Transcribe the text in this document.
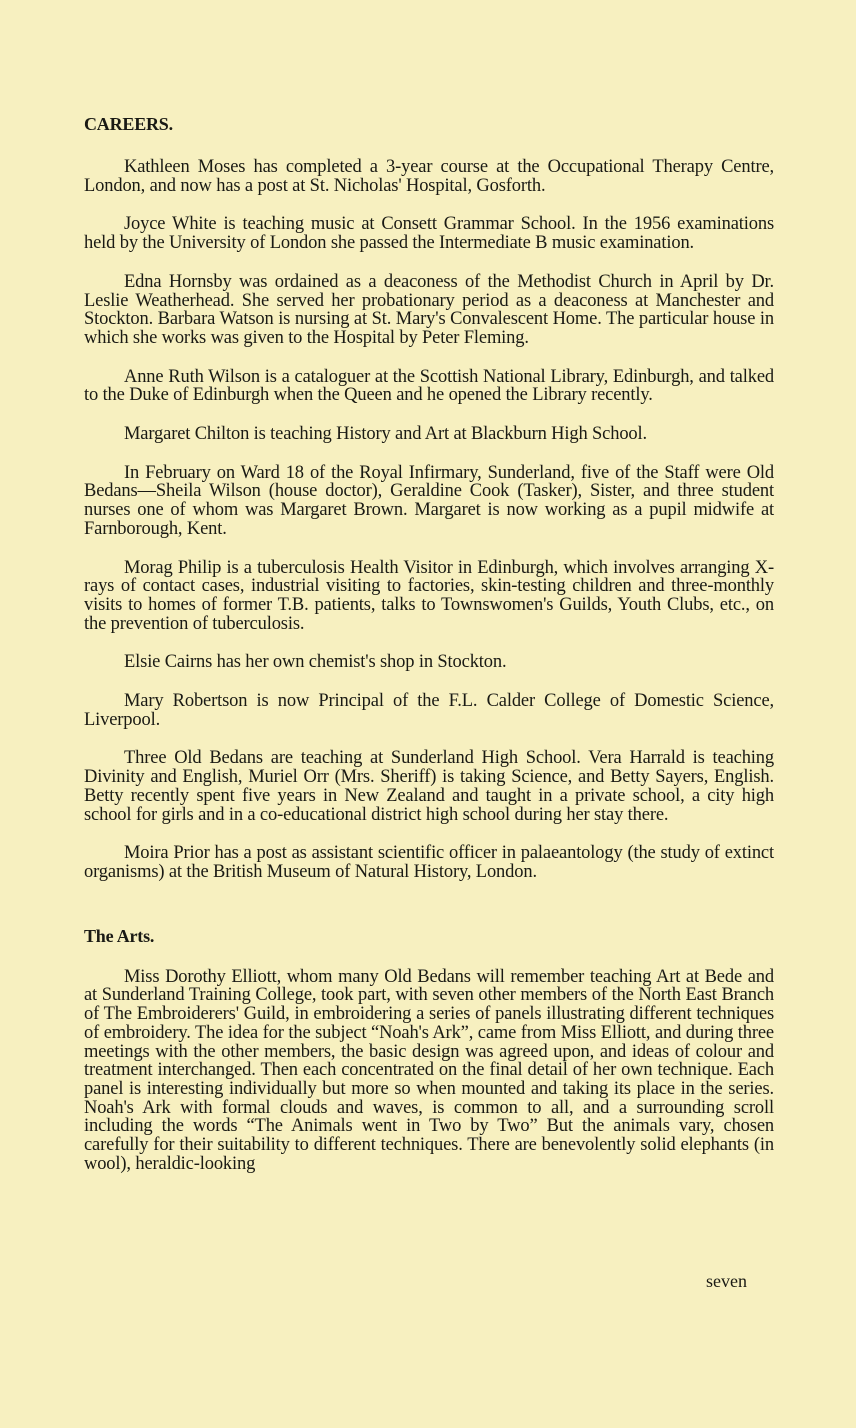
CAREERS.

Kathleen Moses has completed a 3-year course at the Occupational Therapy Centre, London, and now has a post at St. Nicholas' Hospital, Gosforth.

Joyce White is teaching music at Consett Grammar School. In the 1956 examinations held by the University of London she passed the Intermediate B music examination.

Edna Hornsby was ordained as a deaconess of the Methodist Church in April by Dr. Leslie Weatherhead. She served her probationary period as a deaconess at Manchester and Stockton. Barbara Watson is nursing at St. Mary's Convalescent Home. The particular house in which she works was given to the Hospital by Peter Fleming.

Anne Ruth Wilson is a cataloguer at the Scottish National Library, Edinburgh, and talked to the Duke of Edinburgh when the Queen and he opened the Library recently.

Margaret Chilton is teaching History and Art at Blackburn High School.

In February on Ward 18 of the Royal Infirmary, Sunderland, five of the Staff were Old Bedans—Sheila Wilson (house doctor), Geraldine Cook (Tasker), Sister, and three student nurses one of whom was Margaret Brown. Margaret is now working as a pupil midwife at Farnborough, Kent.

Morag Philip is a tuberculosis Health Visitor in Edinburgh, which involves arranging X-rays of contact cases, industrial visiting to factories, skin-testing children and three-monthly visits to homes of former T.B. patients, talks to Townswomen's Guilds, Youth Clubs, etc., on the prevention of tuberculosis.

Elsie Cairns has her own chemist's shop in Stockton.

Mary Robertson is now Principal of the F.L. Calder College of Domestic Science, Liverpool.

Three Old Bedans are teaching at Sunderland High School. Vera Harrald is teaching Divinity and English, Muriel Orr (Mrs. Sheriff) is taking Science, and Betty Sayers, English. Betty recently spent five years in New Zealand and taught in a private school, a city high school for girls and in a co-educational district high school during her stay there.

Moira Prior has a post as assistant scientific officer in palaeantology (the study of extinct organisms) at the British Museum of Natural History, London.

The Arts.

Miss Dorothy Elliott, whom many Old Bedans will remember teaching Art at Bede and at Sunderland Training College, took part, with seven other members of the North East Branch of The Embroiderers' Guild, in embroidering a series of panels illustrating different techniques of embroidery. The idea for the subject “Noah's Ark”, came from Miss Elliott, and during three meetings with the other members, the basic design was agreed upon, and ideas of colour and treatment interchanged. Then each concentrated on the final detail of her own technique. Each panel is interesting individually but more so when mounted and taking its place in the series. Noah's Ark with formal clouds and waves, is common to all, and a surrounding scroll including the words “The Animals went in Two by Two” But the animals vary, chosen carefully for their suitability to different techniques. There are benevolently solid elephants (in wool), heraldic-looking

seven
